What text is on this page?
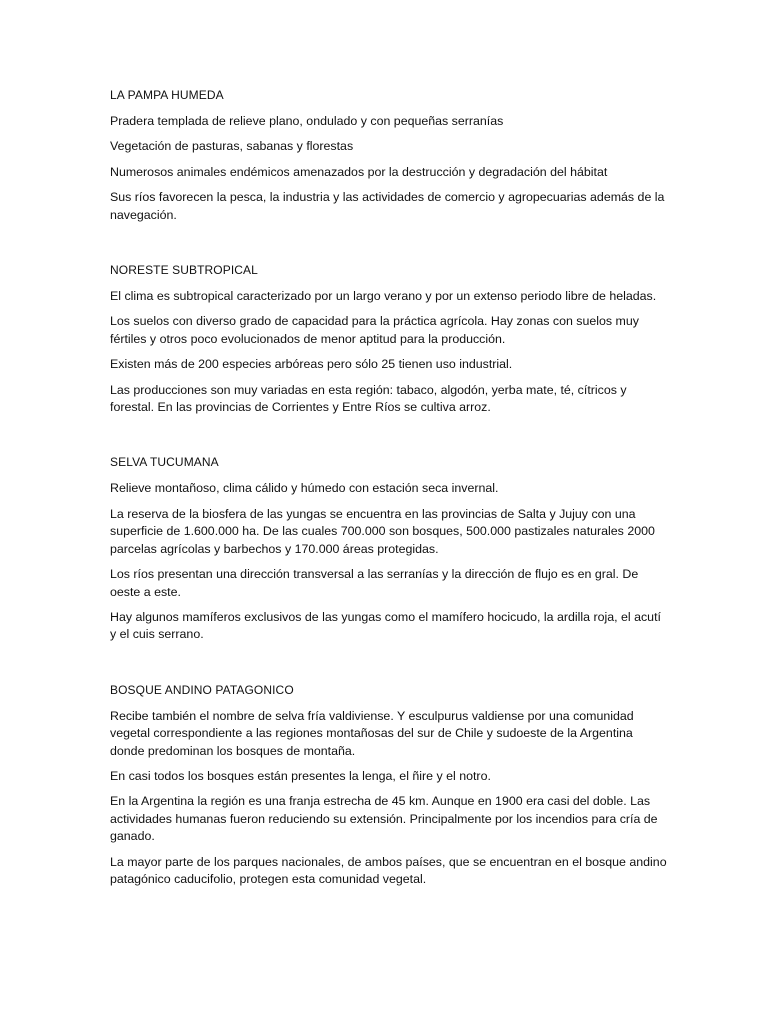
LA PAMPA HUMEDA
Pradera templada de relieve plano, ondulado y con pequeñas serranías
Vegetación de pasturas, sabanas y florestas
Numerosos animales endémicos amenazados por la destrucción y degradación del hábitat
Sus ríos favorecen la pesca, la industria y las actividades de comercio y agropecuarias además de la navegación.
NORESTE SUBTROPICAL
El clima es subtropical caracterizado por un largo verano y por un extenso periodo libre de heladas.
Los suelos con diverso grado de capacidad para la práctica agrícola. Hay zonas con suelos muy fértiles y otros poco evolucionados de menor aptitud para la producción.
Existen más de 200 especies arbóreas pero sólo 25 tienen uso industrial.
Las producciones son muy variadas en esta región: tabaco, algodón, yerba mate, té, cítricos y forestal. En las provincias de Corrientes y Entre Ríos se cultiva arroz.
SELVA TUCUMANA
Relieve montañoso, clima cálido y húmedo con estación seca invernal.
La reserva de la biosfera de las yungas se encuentra en las provincias de Salta y Jujuy con una superficie de 1.600.000 ha. De las cuales 700.000 son bosques, 500.000 pastizales naturales 2000 parcelas agrícolas y barbechos y 170.000 áreas protegidas.
Los ríos presentan una dirección transversal a las serranías y la dirección de flujo es en gral. De oeste a este.
Hay algunos mamíferos exclusivos de las yungas como el mamífero hocicudo, la ardilla roja, el acutí y el cuis serrano.
BOSQUE ANDINO PATAGONICO
Recibe también el nombre de selva fría valdiviense. Y esculpurus valdiense por una comunidad vegetal correspondiente a las regiones montañosas del sur de Chile y sudoeste de la Argentina donde predominan los bosques de montaña.
En casi todos los bosques están presentes la lenga, el ñire y el notro.
En la Argentina la región es una franja estrecha de 45 km. Aunque en 1900 era casi del doble. Las actividades humanas fueron reduciendo su extensión. Principalmente por los incendios para cría de ganado.
La mayor parte de los parques nacionales, de ambos países, que se encuentran en el bosque andino patagónico caducifolio, protegen esta comunidad vegetal.
